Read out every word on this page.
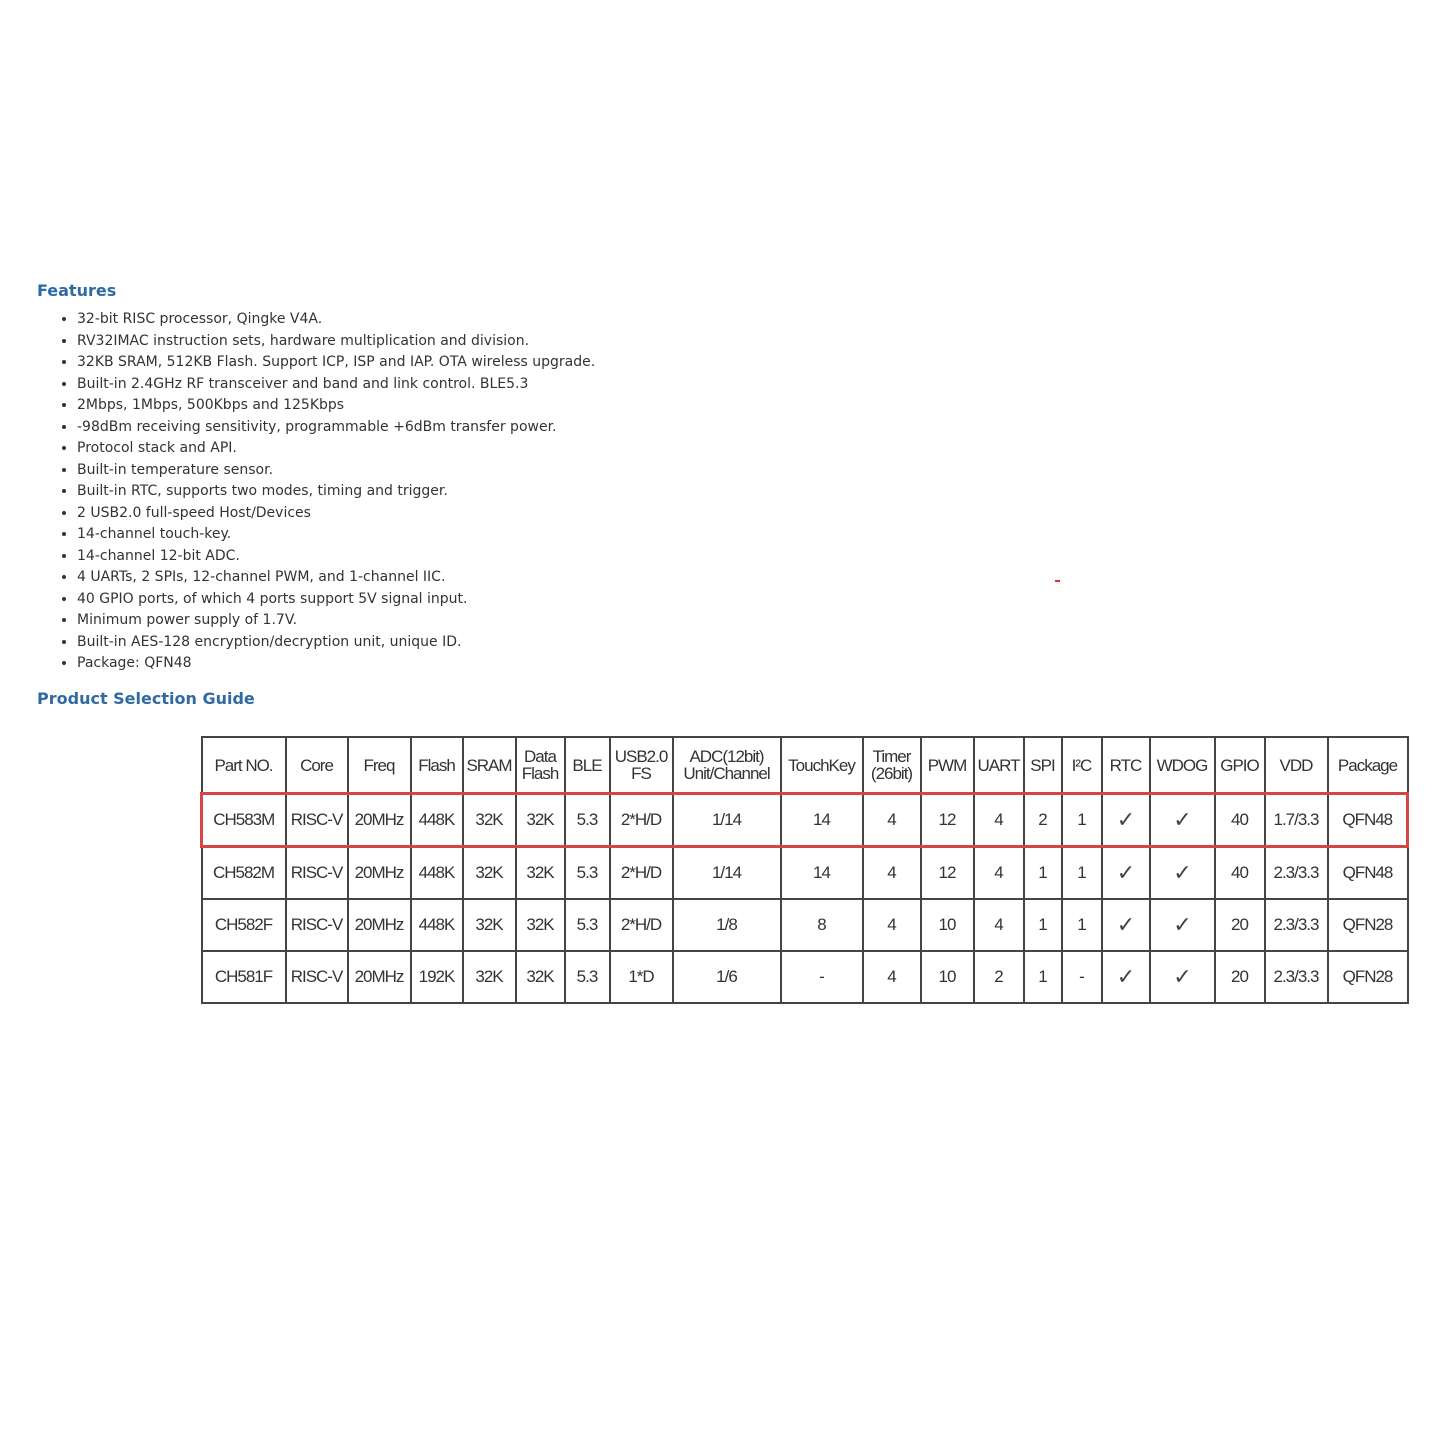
Features
• 32-bit RISC processor, Qingke V4A.
• RV32IMAC instruction sets, hardware multiplication and division.
• 32KB SRAM, 512KB Flash. Support ICP, ISP and IAP. OTA wireless upgrade.
• Built-in 2.4GHz RF transceiver and band and link control. BLE5.3
• 2Mbps, 1Mbps, 500Kbps and 125Kbps
• -98dBm receiving sensitivity, programmable +6dBm transfer power.
• Protocol stack and API.
• Built-in temperature sensor.
• Built-in RTC, supports two modes, timing and trigger.
• 2 USB2.0 full-speed Host/Devices
• 14-channel touch-key.
• 14-channel 12-bit ADC.
• 4 UARTs, 2 SPIs, 12-channel PWM, and 1-channel IIC.
• 40 GPIO ports, of which 4 ports support 5V signal input.
• Minimum power supply of 1.7V.
• Built-in AES-128 encryption/decryption unit, unique ID.
• Package: QFN48
Product Selection Guide
Part NO.	Core	Freq	Flash	SRAM	Data Flash	BLE	USB2.0 FS	ADC(12bit) Unit/Channel	TouchKey	Timer (26bit)	PWM	UART	SPI	I²C	RTC	WDOG	GPIO	VDD	Package
CH583M	RISC-V	20MHz	448K	32K	32K	5.3	2*H/D	1/14	14	4	12	4	2	1	✓	✓	40	1.7/3.3	QFN48
CH582M	RISC-V	20MHz	448K	32K	32K	5.3	2*H/D	1/14	14	4	12	4	1	1	✓	✓	40	2.3/3.3	QFN48
CH582F	RISC-V	20MHz	448K	32K	32K	5.3	2*H/D	1/8	8	4	10	4	1	1	✓	✓	20	2.3/3.3	QFN28
CH581F	RISC-V	20MHz	192K	32K	32K	5.3	1*D	1/6	-	4	10	2	1	-	✓	✓	20	2.3/3.3	QFN28
